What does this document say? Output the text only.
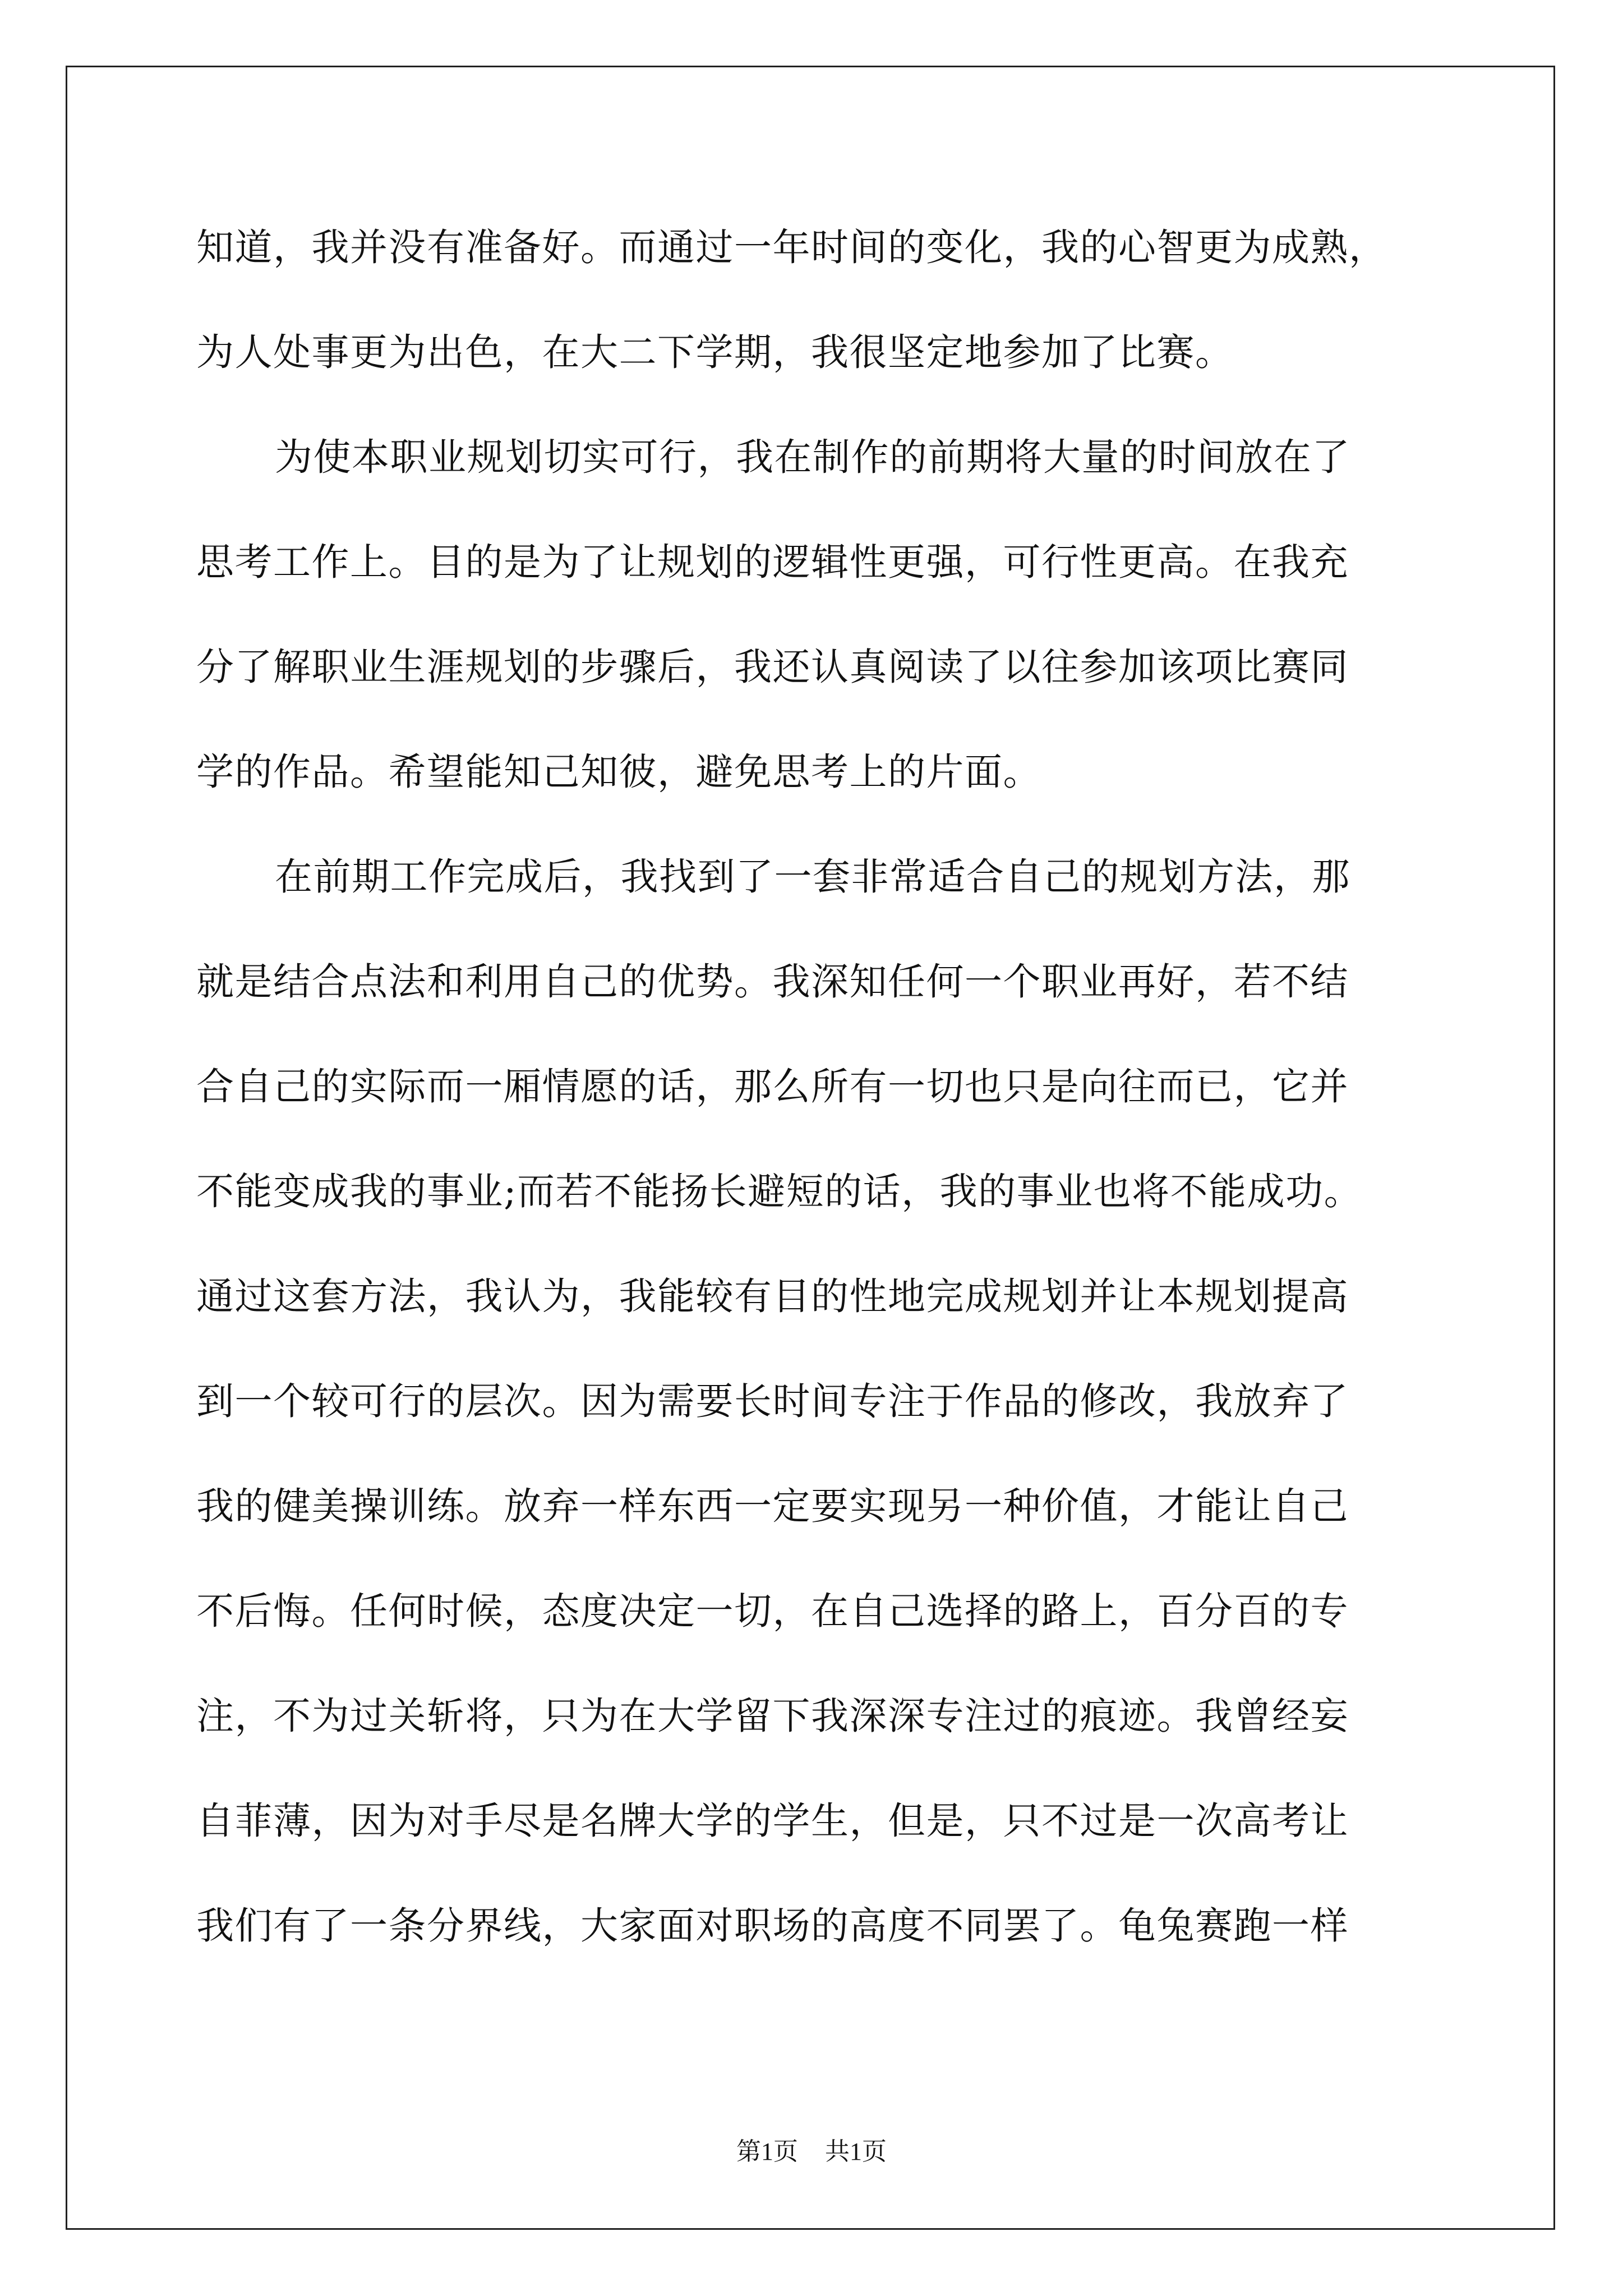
知道，我并没有准备好。而通过一年时间的变化，我的心智更为成熟，
为人处事更为出色，在大二下学期，我很坚定地参加了比赛。
为使本职业规划切实可行，我在制作的前期将大量的时间放在了
思考工作上。目的是为了让规划的逻辑性更强，可行性更高。在我充
分了解职业生涯规划的步骤后，我还认真阅读了以往参加该项比赛同
学的作品。希望能知己知彼，避免思考上的片面。
在前期工作完成后，我找到了一套非常适合自己的规划方法，那
就是结合点法和利用自己的优势。我深知任何一个职业再好，若不结
合自己的实际而一厢情愿的话，那么所有一切也只是向往而已，它并
不能变成我的事业;而若不能扬长避短的话，我的事业也将不能成功。
通过这套方法，我认为，我能较有目的性地完成规划并让本规划提高
到一个较可行的层次。因为需要长时间专注于作品的修改，我放弃了
我的健美操训练。放弃一样东西一定要实现另一种价值，才能让自己
不后悔。任何时候，态度决定一切，在自己选择的路上，百分百的专
注，不为过关斩将，只为在大学留下我深深专注过的痕迹。我曾经妄
自菲薄，因为对手尽是名牌大学的学生，但是，只不过是一次高考让
我们有了一条分界线，大家面对职场的高度不同罢了。龟兔赛跑一样
第1页 共1页
